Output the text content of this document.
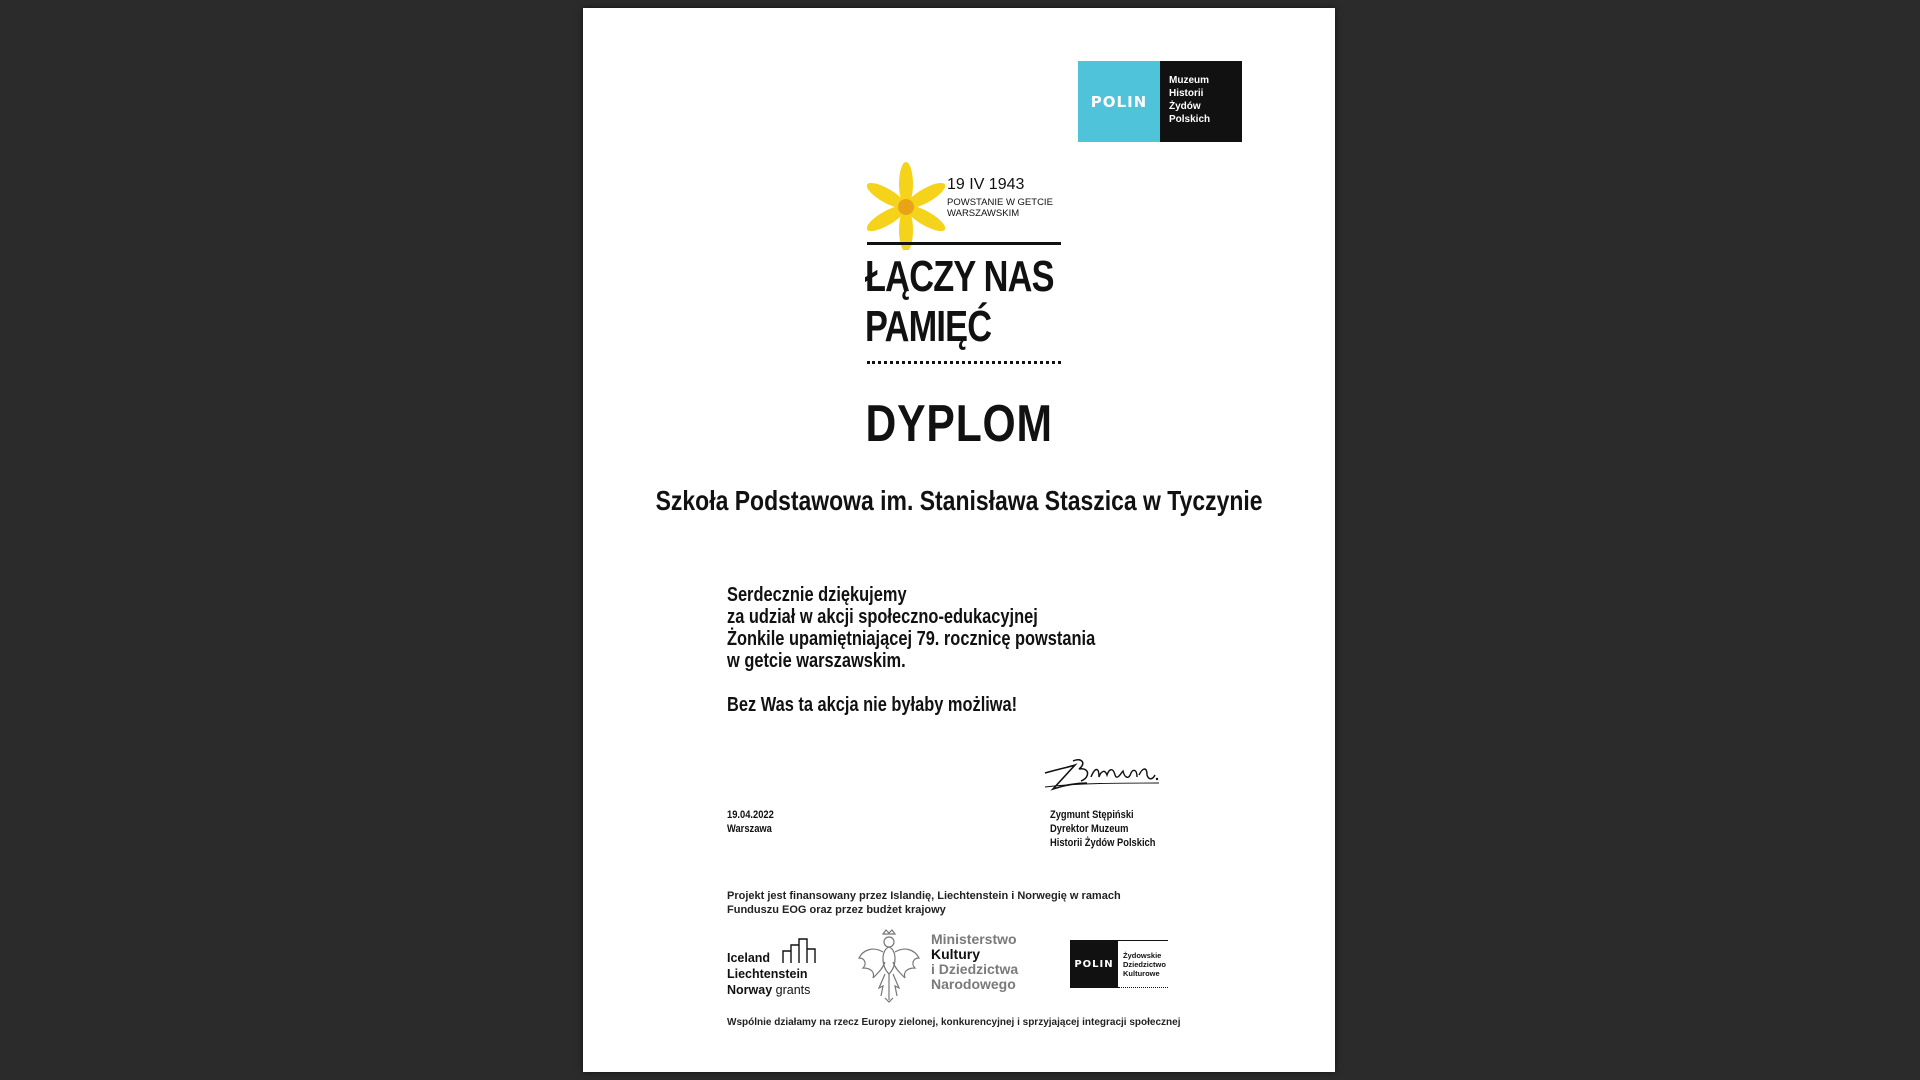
POLIN
Muzeum
Historii
Żydów
Polskich
19 IV 1943
POWSTANIE W GETCIE
WARSZAWSKIM
ŁĄCZY NAS
PAMIĘĆ
DYPLOM
Szkoła Podstawowa im. Stanisława Staszica w Tyczynie

Serdecznie dziękujemy

za udział w akcji społeczno-edukacyjnej

Żonkile upamiętniającej 79. rocznicę powstania

w getcie warszawskim.

Bez Was ta akcja nie byłaby możliwa!

19.04.2022
Warszawa
Zygmunt Stępiński
Dyrektor Muzeum
Historii Żydów Polskich
Projekt jest finansowany przez Islandię, Liechtenstein i Norwegię w ramach
Funduszu EOG oraz przez budżet krajowy
Iceland
Liechtenstein
Norway grants
Ministerstwo
Kultury
i Dziedzictwa
Narodowego
POLIN
Żydowskie
Dziedzictwo
Kulturowe
Wspólnie działamy na rzecz Europy zielonej, konkurencyjnej i sprzyjającej integracji społecznej
